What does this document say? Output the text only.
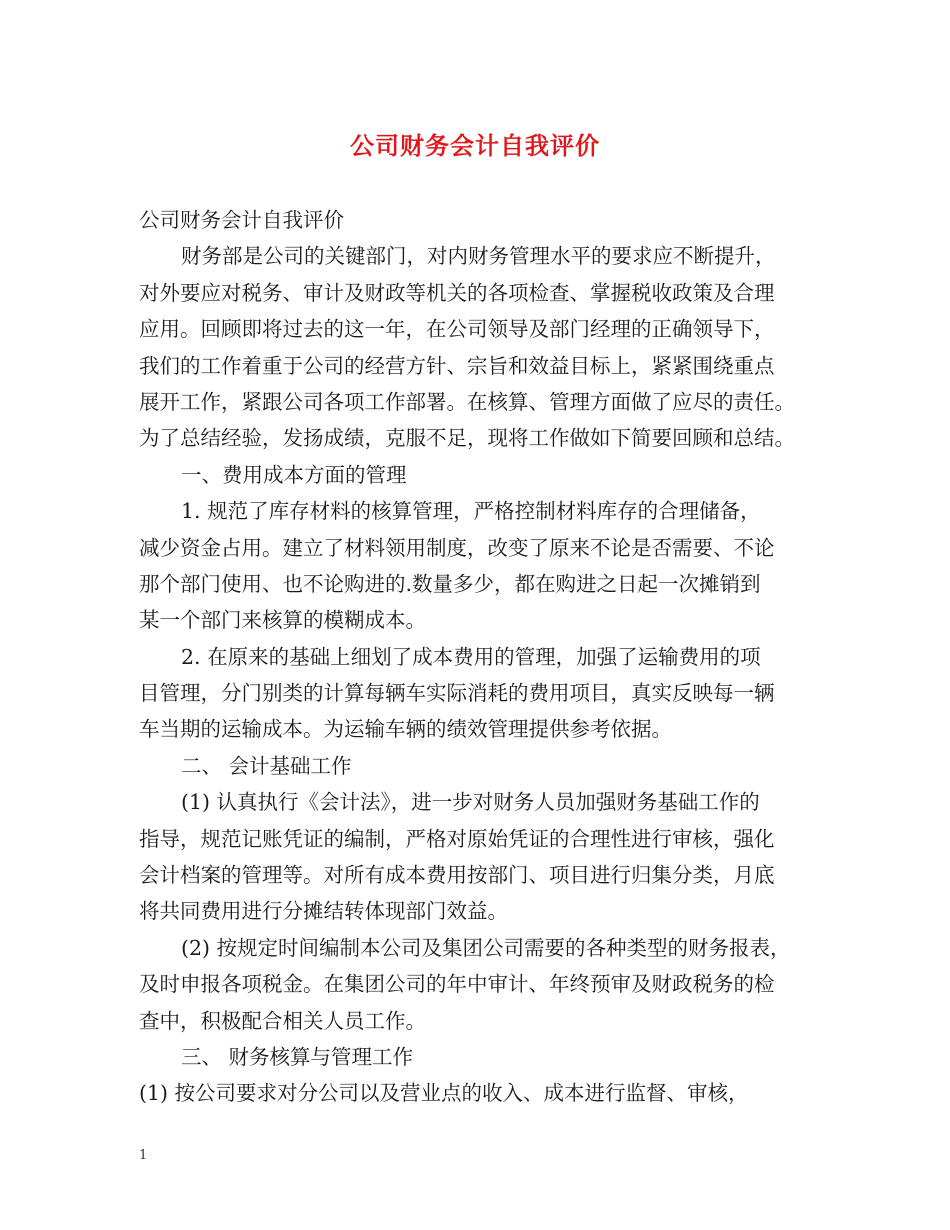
公司财务会计自我评价
公司财务会计自我评价
财务部是公司的关键部门，对内财务管理水平的要求应不断提升，
对外要应对税务、审计及财政等机关的各项检查、掌握税收政策及合理
应用。回顾即将过去的这一年，在公司领导及部门经理的正确领导下，
我们的工作着重于公司的经营方针、宗旨和效益目标上，紧紧围绕重点
展开工作，紧跟公司各项工作部署。在核算、管理方面做了应尽的责任。
为了总结经验，发扬成绩，克服不足，现将工作做如下简要回顾和总结。
一、费用成本方面的管理
1. 规范了库存材料的核算管理，严格控制材料库存的合理储备，
减少资金占用。建立了材料领用制度，改变了原来不论是否需要、不论
那个部门使用、也不论购进的.数量多少，都在购进之日起一次摊销到
某一个部门来核算的模糊成本。
2. 在原来的基础上细划了成本费用的管理，加强了运输费用的项
目管理，分门别类的计算每辆车实际消耗的费用项目，真实反映每一辆
车当期的运输成本。为运输车辆的绩效管理提供参考依据。
二、 会计基础工作
(1) 认真执行《会计法》，进一步对财务人员加强财务基础工作的
指导，规范记账凭证的编制，严格对原始凭证的合理性进行审核，强化
会计档案的管理等。对所有成本费用按部门、项目进行归集分类，月底
将共同费用进行分摊结转体现部门效益。
(2) 按规定时间编制本公司及集团公司需要的各种类型的财务报表，
及时申报各项税金。在集团公司的年中审计、年终预审及财政税务的检
查中，积极配合相关人员工作。
三、 财务核算与管理工作
(1) 按公司要求对分公司以及营业点的收入、成本进行监督、审核，
1
